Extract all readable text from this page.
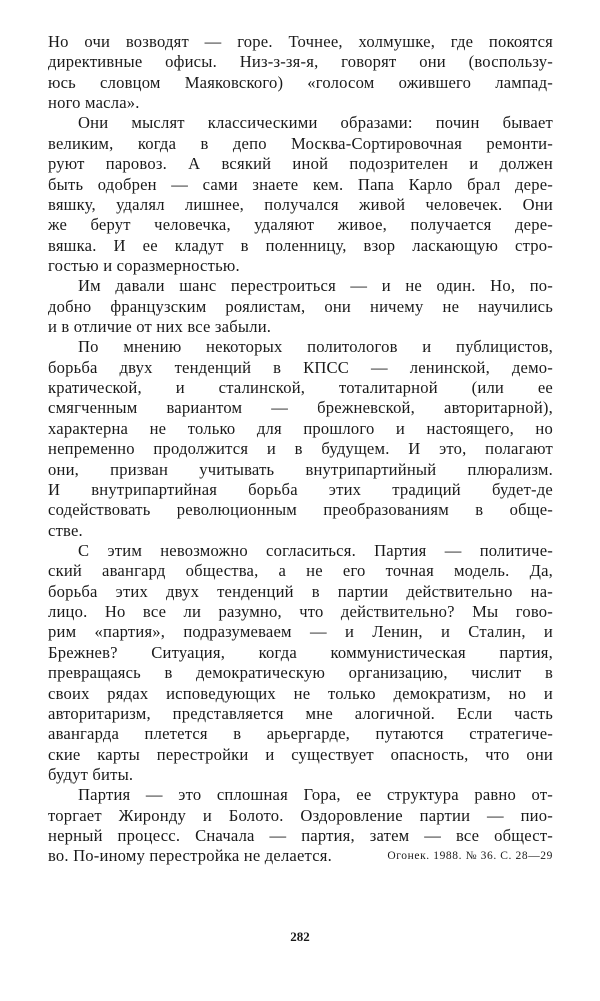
Но очи возводят — горе. Точнее, холмушке, где покоятся
директивные офисы. Низ-з-зя-я, говорят они (воспользу-
юсь словцом Маяковского) «голосом ожившего лампад-
ного масла».
Они мыслят классическими образами: почин бывает
великим, когда в депо Москва-Сортировочная ремонти-
руют паровоз. А всякий иной подозрителен и должен
быть одобрен — сами знаете кем. Папа Карло брал дере-
вяшку, удалял лишнее, получался живой человечек. Они
же берут человечка, удаляют живое, получается дере-
вяшка. И ее кладут в поленницу, взор ласкающую стро-
гостью и соразмерностью.
Им давали шанс перестроиться — и не один. Но, по-
добно французским роялистам, они ничему не научились
и в отличие от них все забыли.
По мнению некоторых политологов и публицистов,
борьба двух тенденций в КПСС — ленинской, демо-
кратической, и сталинской, тоталитарной (или ее
смягченным вариантом — брежневской, авторитарной),
характерна не только для прошлого и настоящего, но
непременно продолжится и в будущем. И это, полагают
они, призван учитывать внутрипартийный плюрализм.
И внутрипартийная борьба этих традиций будет-де
содействовать революционным преобразованиям в обще-
стве.
С этим невозможно согласиться. Партия — политиче-
ский авангард общества, а не его точная модель. Да,
борьба этих двух тенденций в партии действительно на-
лицо. Но все ли разумно, что действительно? Мы гово-
рим «партия», подразумеваем — и Ленин, и Сталин, и
Брежнев? Ситуация, когда коммунистическая партия,
превращаясь в демократическую организацию, числит в
своих рядах исповедующих не только демократизм, но и
авторитаризм, представляется мне алогичной. Если часть
авангарда плетется в арьергарде, путаются стратегиче-
ские карты перестройки и существует опасность, что они
будут биты.
Партия — это сплошная Гора, ее структура равно от-
торгает Жиронду и Болото. Оздоровление партии — пио-
нерный процесс. Сначала — партия, затем — все общест-
во. По-иному перестройка не делается.	Огонек. 1988. № 36. С. 28—29
282
